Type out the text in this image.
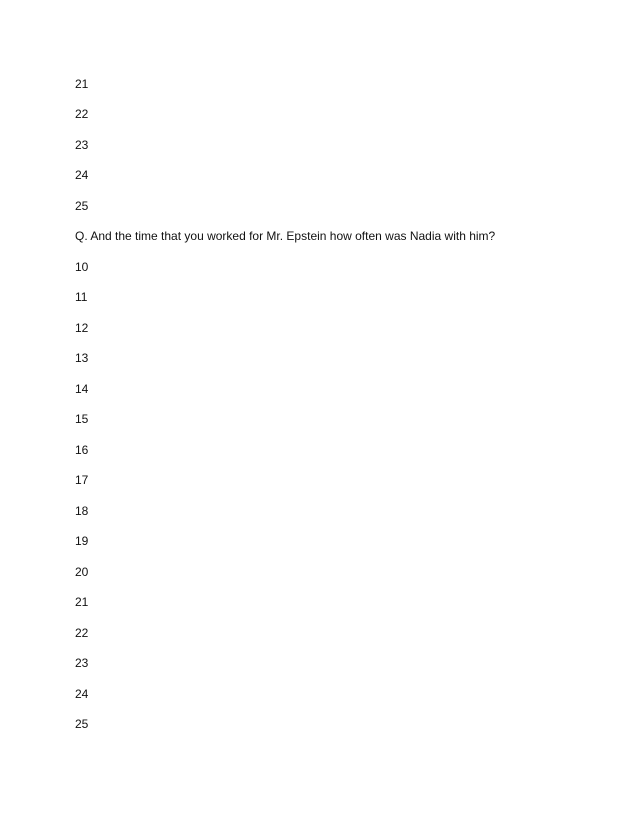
21
22
23
24
25
Q. And the time that you worked for Mr. Epstein how often was Nadia with him?
10
11
12
13
14
15
16
17
18
19
20
21
22
23
24
25
